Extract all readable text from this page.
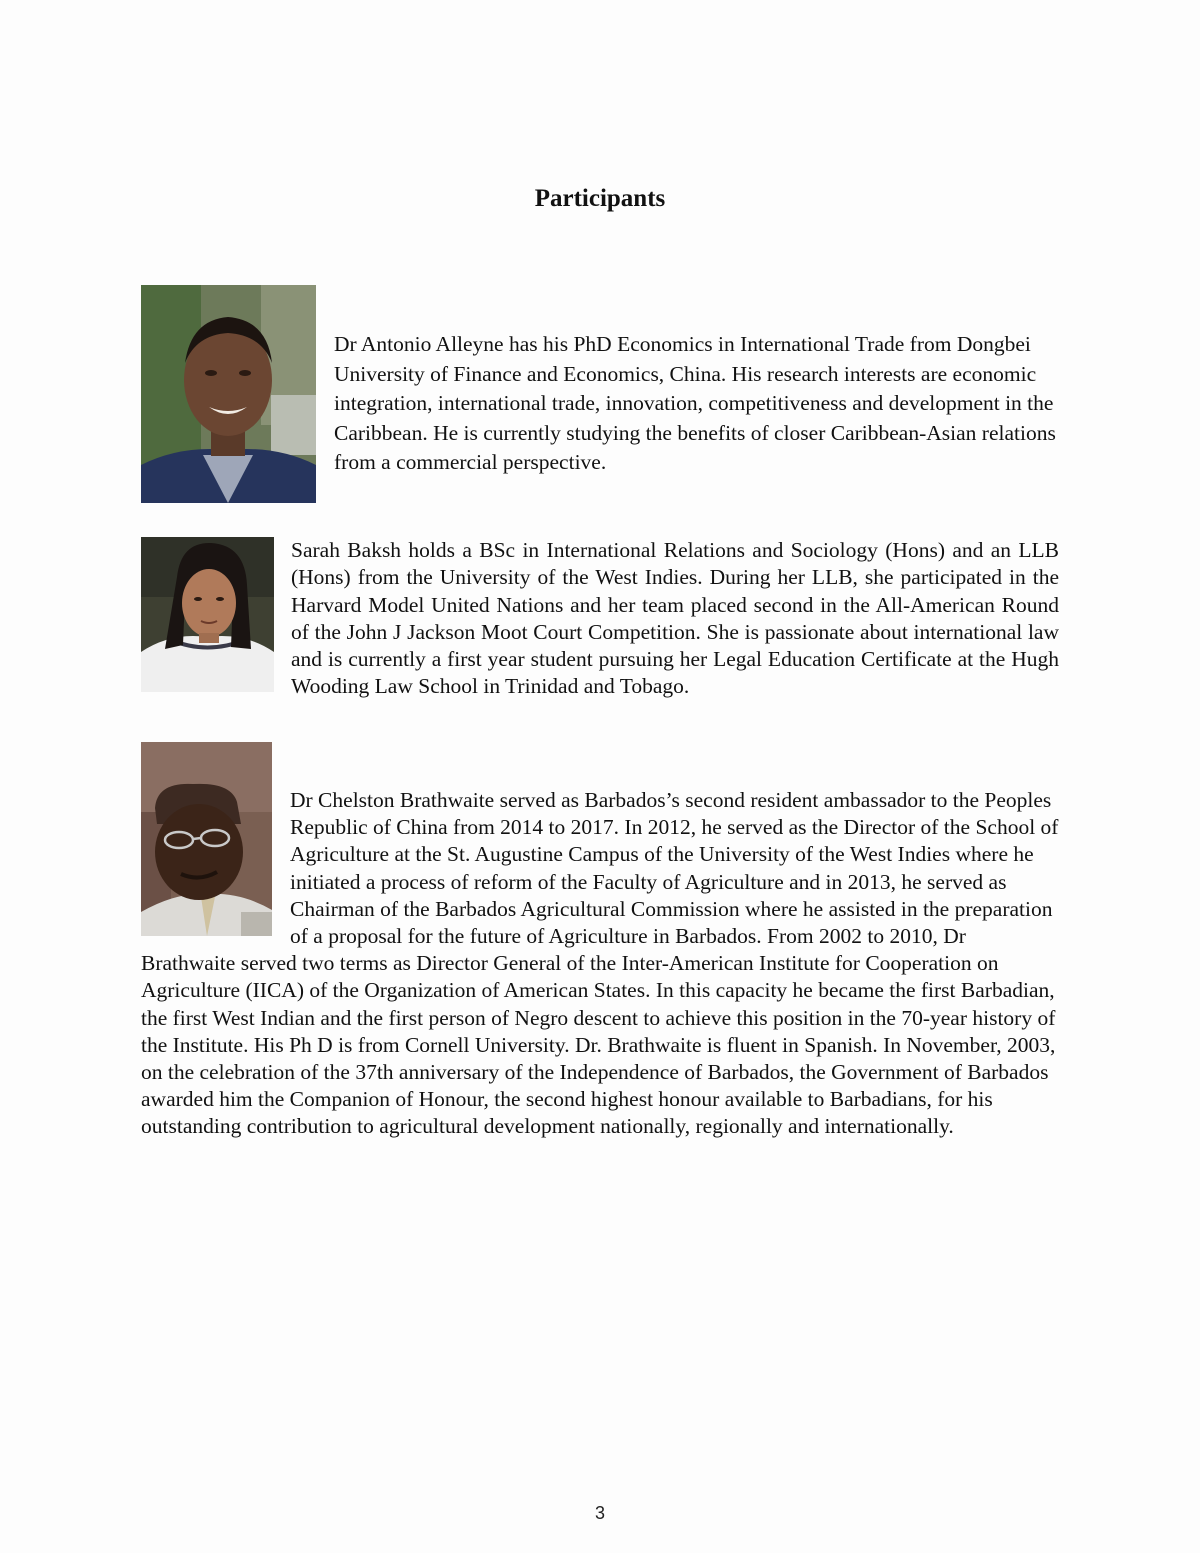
Participants

Dr Antonio Alleyne has his PhD Economics in International Trade from Dongbei University of Finance and Economics, China. His research interests are economic integration, international trade, innovation, competitiveness and development in the Caribbean. He is currently studying the benefits of closer Caribbean-Asian relations from a commercial perspective.

Sarah Baksh holds a BSc in International Relations and Sociology (Hons) and an LLB (Hons) from the University of the West Indies. During her LLB, she participated in the Harvard Model United Nations and her team placed second in the All-American Round of the John J Jackson Moot Court Competition. She is passionate about international law and is currently a first year student pursuing her Legal Education Certificate at the Hugh Wooding Law School in Trinidad and Tobago.

Dr Chelston Brathwaite served as Barbados’s second resident ambassador to the Peoples Republic of China from 2014 to 2017. In 2012, he served as the Director of the School of Agriculture at the St. Augustine Campus of the University of the West Indies where he initiated a process of reform of the Faculty of Agriculture and in 2013, he served as Chairman of the Barbados Agricultural Commission where he assisted in the preparation of a proposal for the future of Agriculture in Barbados. From 2002 to 2010, Dr Brathwaite served two terms as Director General of the Inter-American Institute for Cooperation on Agriculture (IICA) of the Organization of American States. In this capacity he became the first Barbadian, the first West Indian and the first person of Negro descent to achieve this position in the 70-year history of the Institute. His Ph D is from Cornell University. Dr. Brathwaite is fluent in Spanish. In November, 2003, on the celebration of the 37th anniversary of the Independence of Barbados, the Government of Barbados awarded him the Companion of Honour, the second highest honour available to Barbadians, for his outstanding contribution to agricultural development nationally, regionally and internationally.

3
